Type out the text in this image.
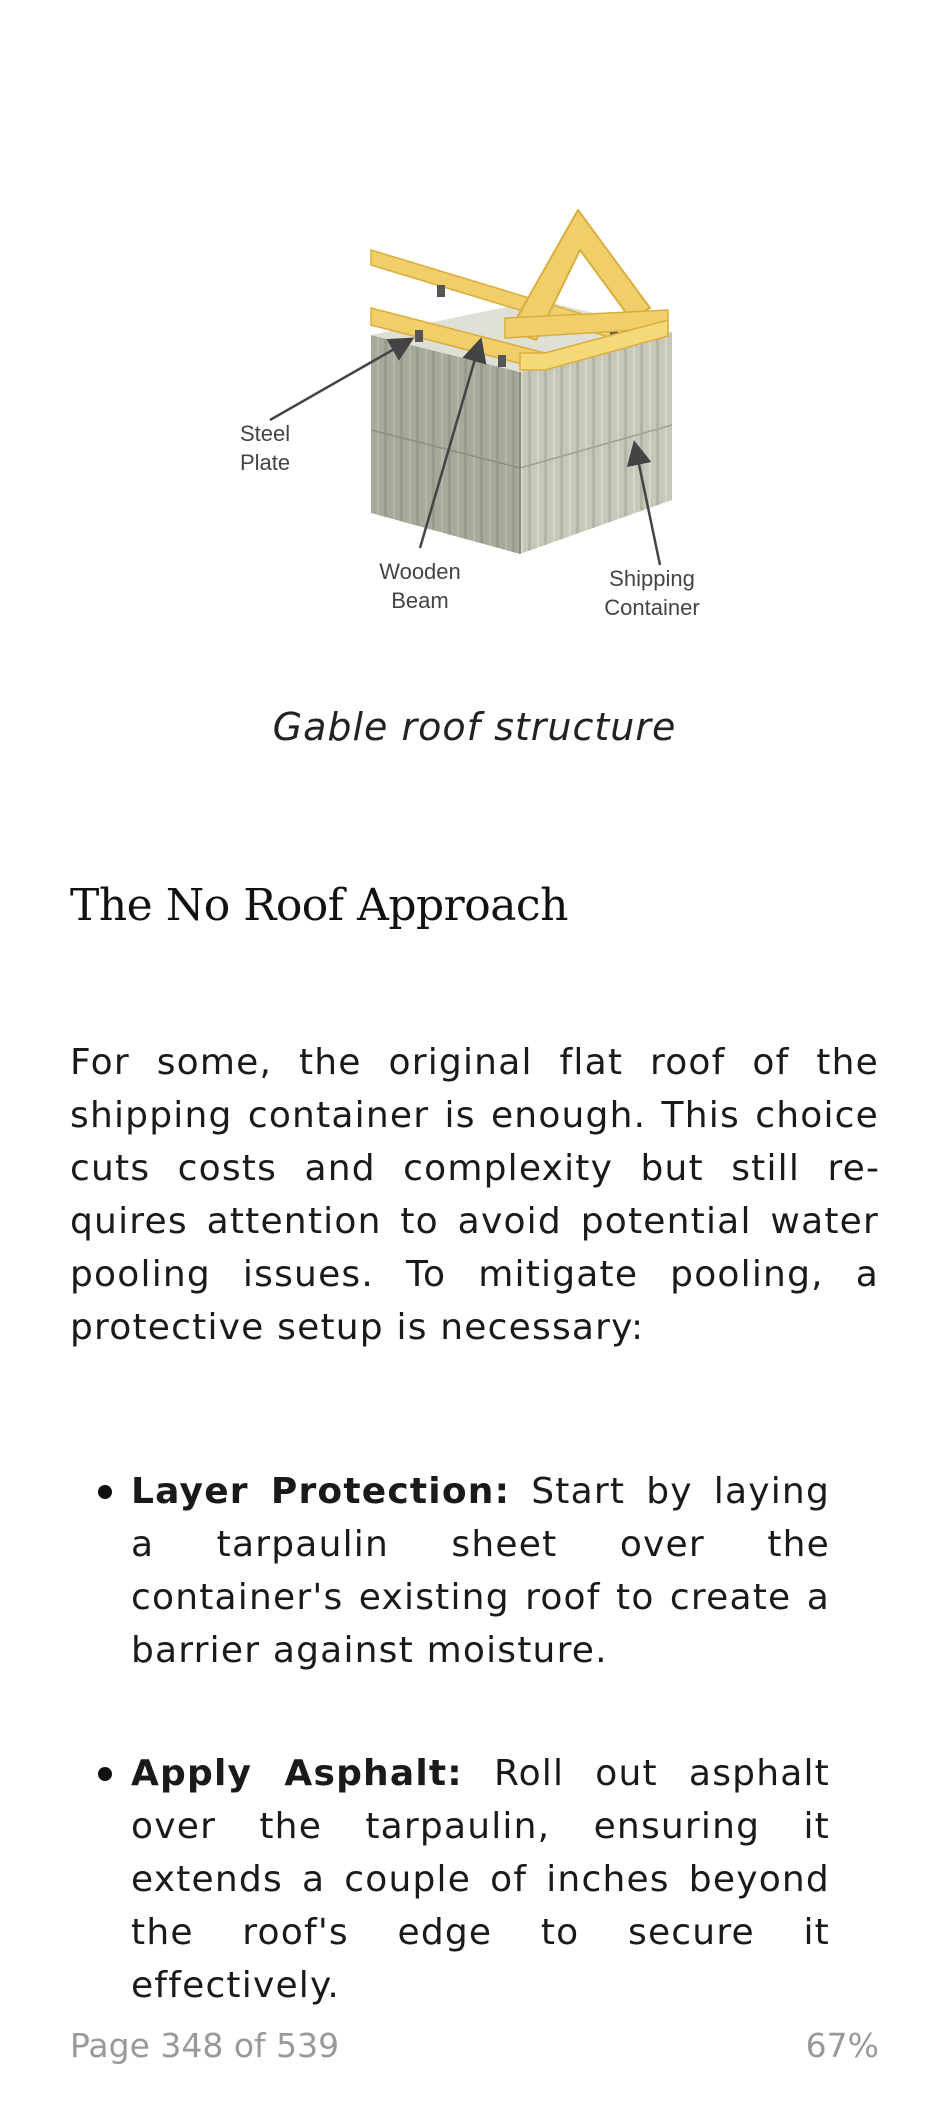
Steel
Plate
Wooden
Beam
Shipping
Container
Gable roof structure
The No Roof Approach

For some, the original flat roof of the shipping container is enough. This choice cuts costs and complexity but still requires attention to avoid potential water pooling issues. To mitigate pooling, a protective setup is necessary:

Layer Protection: Start by laying a tarpaulin sheet over the container's existing roof to create a barrier against moisture.
Apply Asphalt: Roll out asphalt over the tarpaulin, ensuring it extends a couple of inches beyond the roof's edge to secure it effectively.
Page 348 of 539	67%
